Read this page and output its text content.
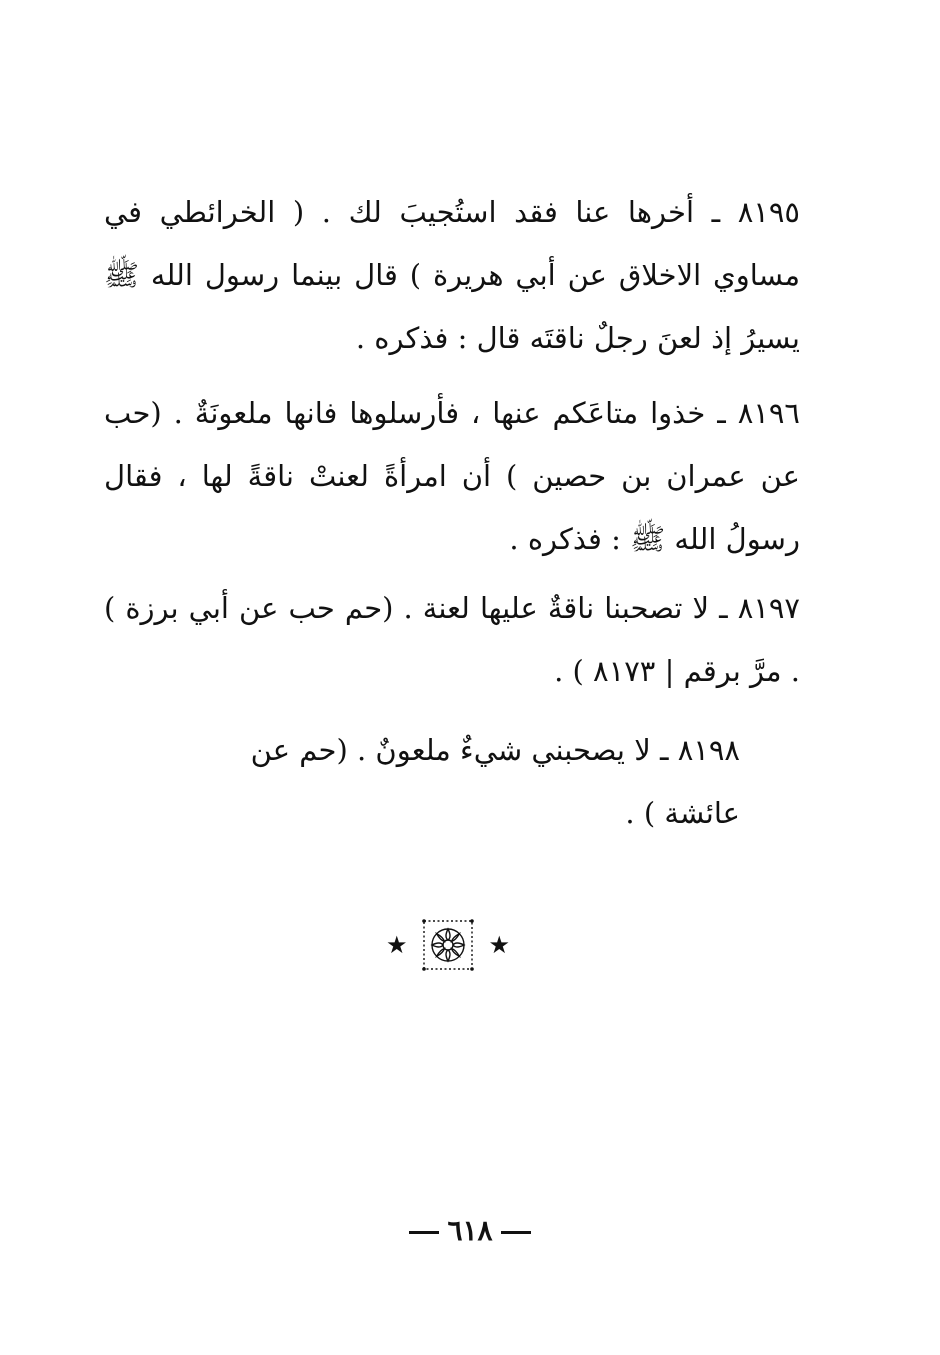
٨١٩٥ ـ أخرها عنا فقد استُجيبَ لك . ( الخرائطي في مساوي الاخلاق عن أبي هريرة ) قال بينما رسول الله ﷺ يسيرُ إذ لعنَ رجلٌ ناقتَه قال : فذكره .

٨١٩٦ ـ خذوا متاعَكم عنها ، فأرسلوها فانها ملعونَةٌ . (حب عن عمران بن حصين ) أن امرأةً لعنتْ ناقةً لها ، فقال رسولُ الله ﷺ : فذكره .

٨١٩٧ ـ لا تصحبنا ناقةٌ عليها لعنة . (حم حب عن أبي برزة ) . مرَّ برقم | ٨١٧٣ ) .

٨١٩٨ ـ لا يصحبني شيءٌ ملعونٌ . (حم عن عائشة ) .

★	★
٦١٨
